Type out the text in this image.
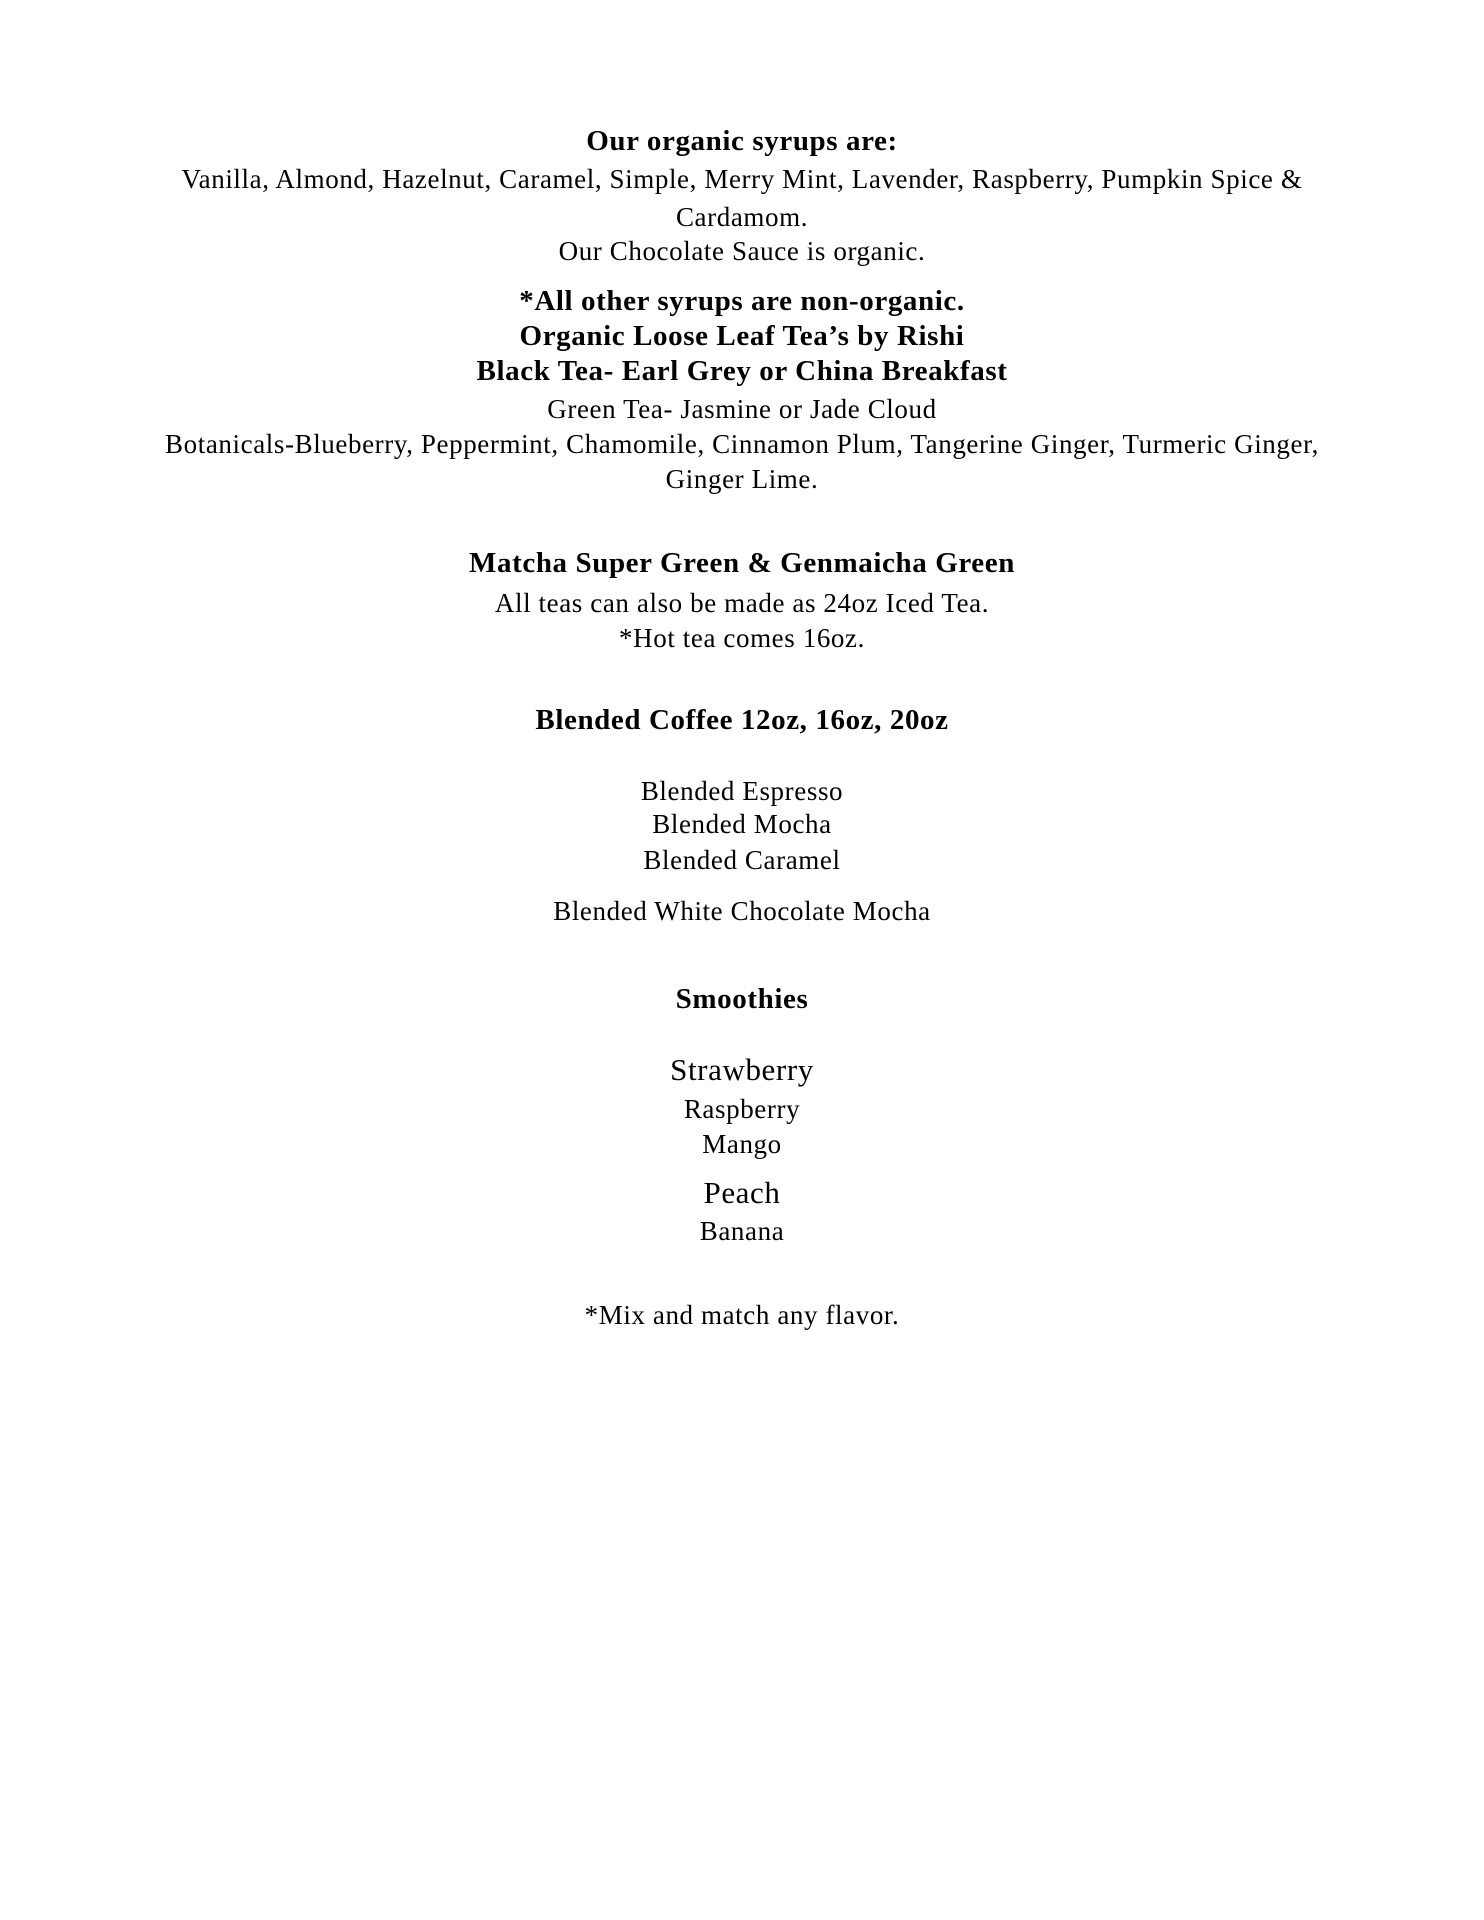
Our organic syrups are:
Vanilla, Almond, Hazelnut, Caramel, Simple, Merry Mint, Lavender, Raspberry, Pumpkin Spice &
Cardamom.
Our Chocolate Sauce is organic.
*All other syrups are non-organic.
Organic Loose Leaf Tea’s by Rishi
Black Tea- Earl Grey or China Breakfast
Green Tea- Jasmine or Jade Cloud
Botanicals-Blueberry, Peppermint, Chamomile, Cinnamon Plum, Tangerine Ginger, Turmeric Ginger,
Ginger Lime.
Matcha Super Green & Genmaicha Green
All teas can also be made as 24oz Iced Tea.
*Hot tea comes 16oz.
Blended Coffee 12oz, 16oz, 20oz
Blended Espresso
Blended Mocha
Blended Caramel
Blended White Chocolate Mocha
Smoothies
Strawberry
Raspberry
Mango
Peach
Banana
*Mix and match any flavor.
